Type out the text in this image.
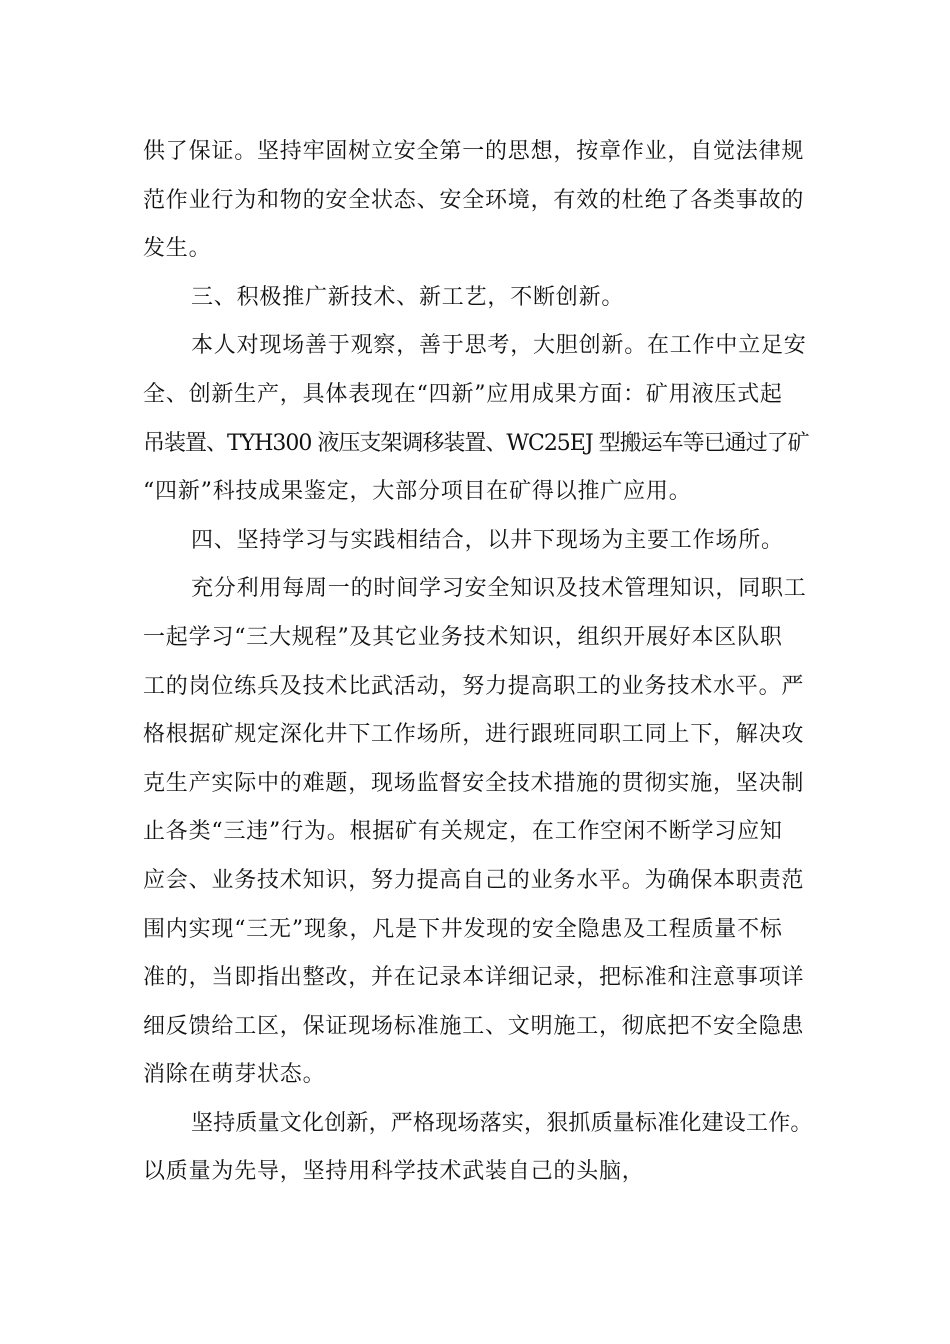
供了保证。坚持牢固树立安全第一的思想，按章作业，自觉法律规
范作业行为和物的安全状态、安全环境，有效的杜绝了各类事故的
发生。
三、积极推广新技术、新工艺，不断创新。
本人对现场善于观察，善于思考，大胆创新。在工作中立足安
全、创新生产，具体表现在“四新”应用成果方面：矿用液压式起
吊装置、TYH300 液压支架调移装置、WC25EJ 型搬运车等已通过了矿
“四新”科技成果鉴定，大部分项目在矿得以推广应用。
四、坚持学习与实践相结合，以井下现场为主要工作场所。
充分利用每周一的时间学习安全知识及技术管理知识，同职工
一起学习“三大规程”及其它业务技术知识，组织开展好本区队职
工的岗位练兵及技术比武活动，努力提高职工的业务技术水平。严
格根据矿规定深化井下工作场所，进行跟班同职工同上下，解决攻
克生产实际中的难题，现场监督安全技术措施的贯彻实施，坚决制
止各类“三违”行为。根据矿有关规定，在工作空闲不断学习应知
应会、业务技术知识，努力提高自己的业务水平。为确保本职责范
围内实现“三无”现象，凡是下井发现的安全隐患及工程质量不标
准的，当即指出整改，并在记录本详细记录，把标准和注意事项详
细反馈给工区，保证现场标准施工、文明施工，彻底把不安全隐患
消除在萌芽状态。
坚持质量文化创新，严格现场落实，狠抓质量标准化建设工作。
以质量为先导，坚持用科学技术武装自己的头脑，
